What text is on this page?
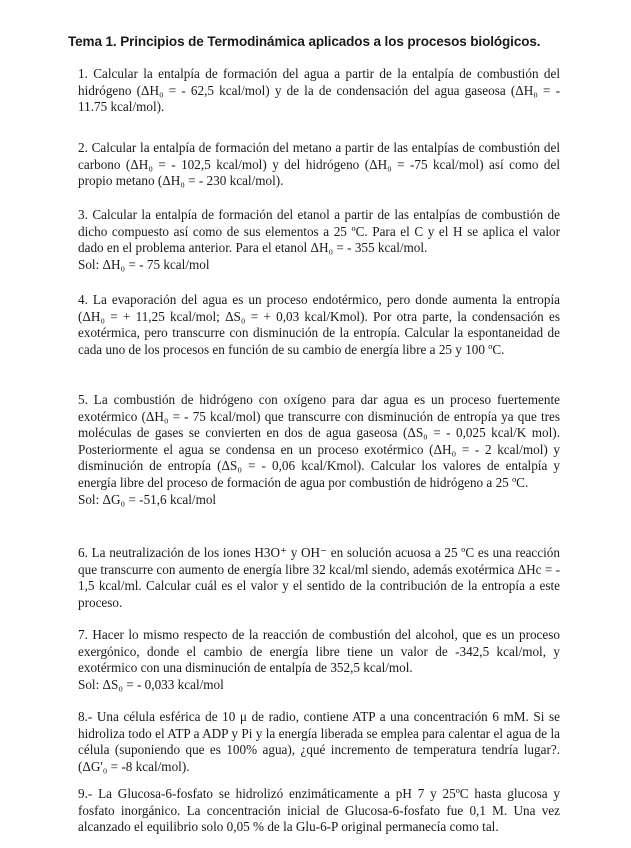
Tema 1. Principios de Termodinámica aplicados a los procesos biológicos.

1. Calcular la entalpía de formación del agua a partir de la entalpía de combustión del hidrógeno (ΔH₀ = - 62,5 kcal/mol) y de la de condensación del agua gaseosa (ΔH₀ = - 11.75 kcal/mol).

2. Calcular la entalpía de formación del metano a partir de las entalpías de combustión del carbono (ΔH₀ = - 102,5 kcal/mol) y del hidrógeno (ΔH₀ = -75 kcal/mol) así como del propio metano (ΔH₀ = - 230 kcal/mol).

3. Calcular la entalpía de formación del etanol a partir de las entalpías de combustión de dicho compuesto así como de sus elementos a 25 ºC. Para el C y el H se aplica el valor dado en el problema anterior. Para el etanol ΔH₀ = - 355 kcal/mol.
Sol: ΔH₀ = - 75 kcal/mol

4. La evaporación del agua es un proceso endotérmico, pero donde aumenta la entropía (ΔH₀ = + 11,25 kcal/mol; ΔS₀ = + 0,03 kcal/Kmol). Por otra parte, la condensación es exotérmica, pero transcurre con disminución de la entropía. Calcular la espontaneidad de cada uno de los procesos en función de su cambio de energía libre a 25 y 100 ºC.

5. La combustión de hidrógeno con oxígeno para dar agua es un proceso fuertemente exotérmico (ΔH₀ = - 75 kcal/mol) que transcurre con disminución de entropía ya que tres moléculas de gases se convierten en dos de agua gaseosa (ΔS₀ = - 0,025 kcal/K mol). Posteriormente el agua se condensa en un proceso exotérmico (ΔH₀ = - 2 kcal/mol) y disminución de entropía (ΔS₀ = - 0,06 kcal/Kmol). Calcular los valores de entalpía y energía libre del proceso de formación de agua por combustión de hidrógeno a 25 ºC.
Sol: ΔG₀ = -51,6 kcal/mol

6. La neutralización de los iones H3O⁺ y OH⁻ en solución acuosa a 25 ºC es una reacción que transcurre con aumento de energía libre 32 kcal/ml siendo, además exotérmica ΔHc = - 1,5 kcal/ml. Calcular cuál es el valor y el sentido de la contribución de la entropía a este proceso.

7. Hacer lo mismo respecto de la reacción de combustión del alcohol, que es un proceso exergónico, donde el cambio de energía libre tiene un valor de -342,5 kcal/mol, y exotérmico con una disminución de entalpía de 352,5 kcal/mol.
Sol: ΔS₀ = - 0,033 kcal/mol

8.- Una célula esférica de 10 μ de radio, contiene ATP a una concentración 6 mM. Si se hidroliza todo el ATP a ADP y Pi y la energía liberada se emplea para calentar el agua de la célula (suponiendo que es 100% agua), ¿qué incremento de temperatura tendría lugar?. (ΔG'₀ = -8 kcal/mol).

9.- La Glucosa-6-fosfato se hidrolizó enzimáticamente a pH 7 y 25ºC hasta glucosa y fosfato inorgánico. La concentración inicial de Glucosa-6-fosfato fue 0,1 M. Una vez alcanzado el equilibrio solo 0,05 % de la Glu-6-P original permanecía como tal.
